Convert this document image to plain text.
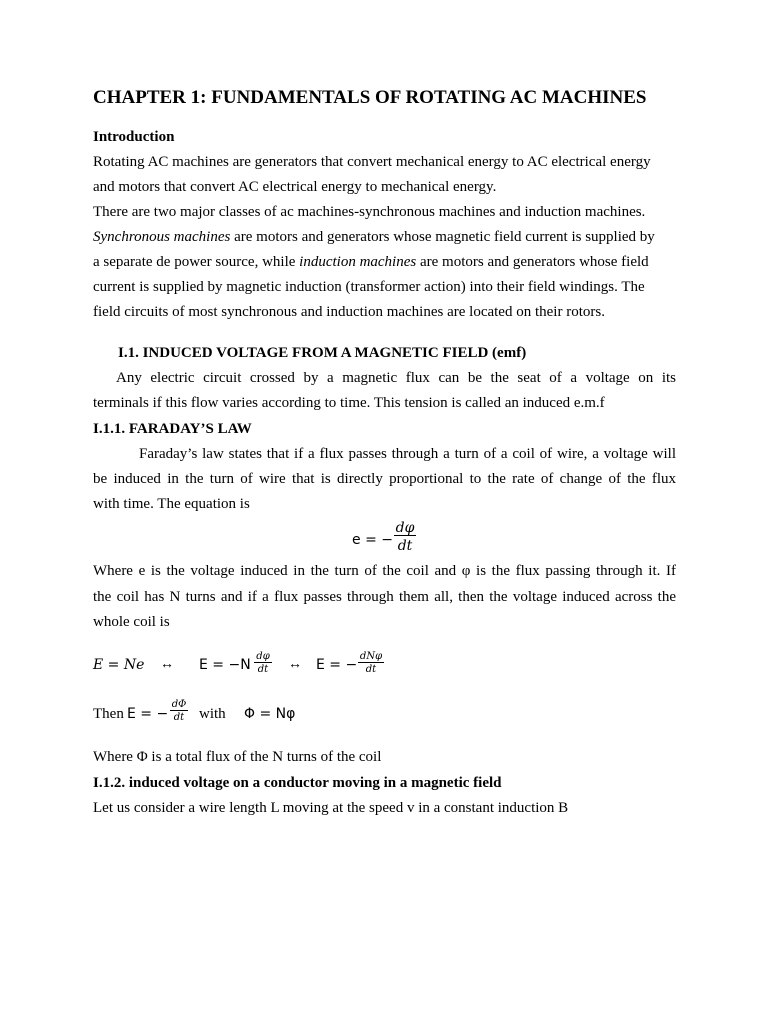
CHAPTER 1: FUNDAMENTALS OF ROTATING AC MACHINES
Introduction
Rotating AC machines are generators that convert mechanical energy to AC electrical energy
and motors that convert AC electrical energy to mechanical energy.
There are two major classes of ac machines-synchronous machines and induction machines.
Synchronous machines are motors and generators whose magnetic field current is supplied by
a separate de power source, while induction machines are motors and generators whose field
current is supplied by magnetic induction (transformer action) into their field windings. The
field circuits of most synchronous and induction machines are located on their rotors.
I.1. INDUCED VOLTAGE FROM A MAGNETIC FIELD (emf)
Any electric circuit crossed by a magnetic flux can be the seat of a voltage on its
terminals if this flow varies according to time. This tension is called an induced e.m.f
I.1.1. FARADAY’S LAW
Faraday’s law states that if a flux passes through a turn of a coil of wire, a voltage will
be induced in the turn of wire that is directly proportional to the rate of change of the flux
with time. The equation is
e = −
dφ
dt
Where e is the voltage induced in the turn of the coil and φ is the flux passing through it. If
the coil has N turns and if a flux passes through them all, then the voltage induced across the
whole coil is
E = Ne ↔ E = −N
dφ
dt ↔ E = −
dNφ
dt
Then E = −
dΦ
dt with Φ = Nφ
Where Φ is a total flux of the N turns of the coil
I.1.2. induced voltage on a conductor moving in a magnetic field
Let us consider a wire length L moving at the speed v in a constant induction B
